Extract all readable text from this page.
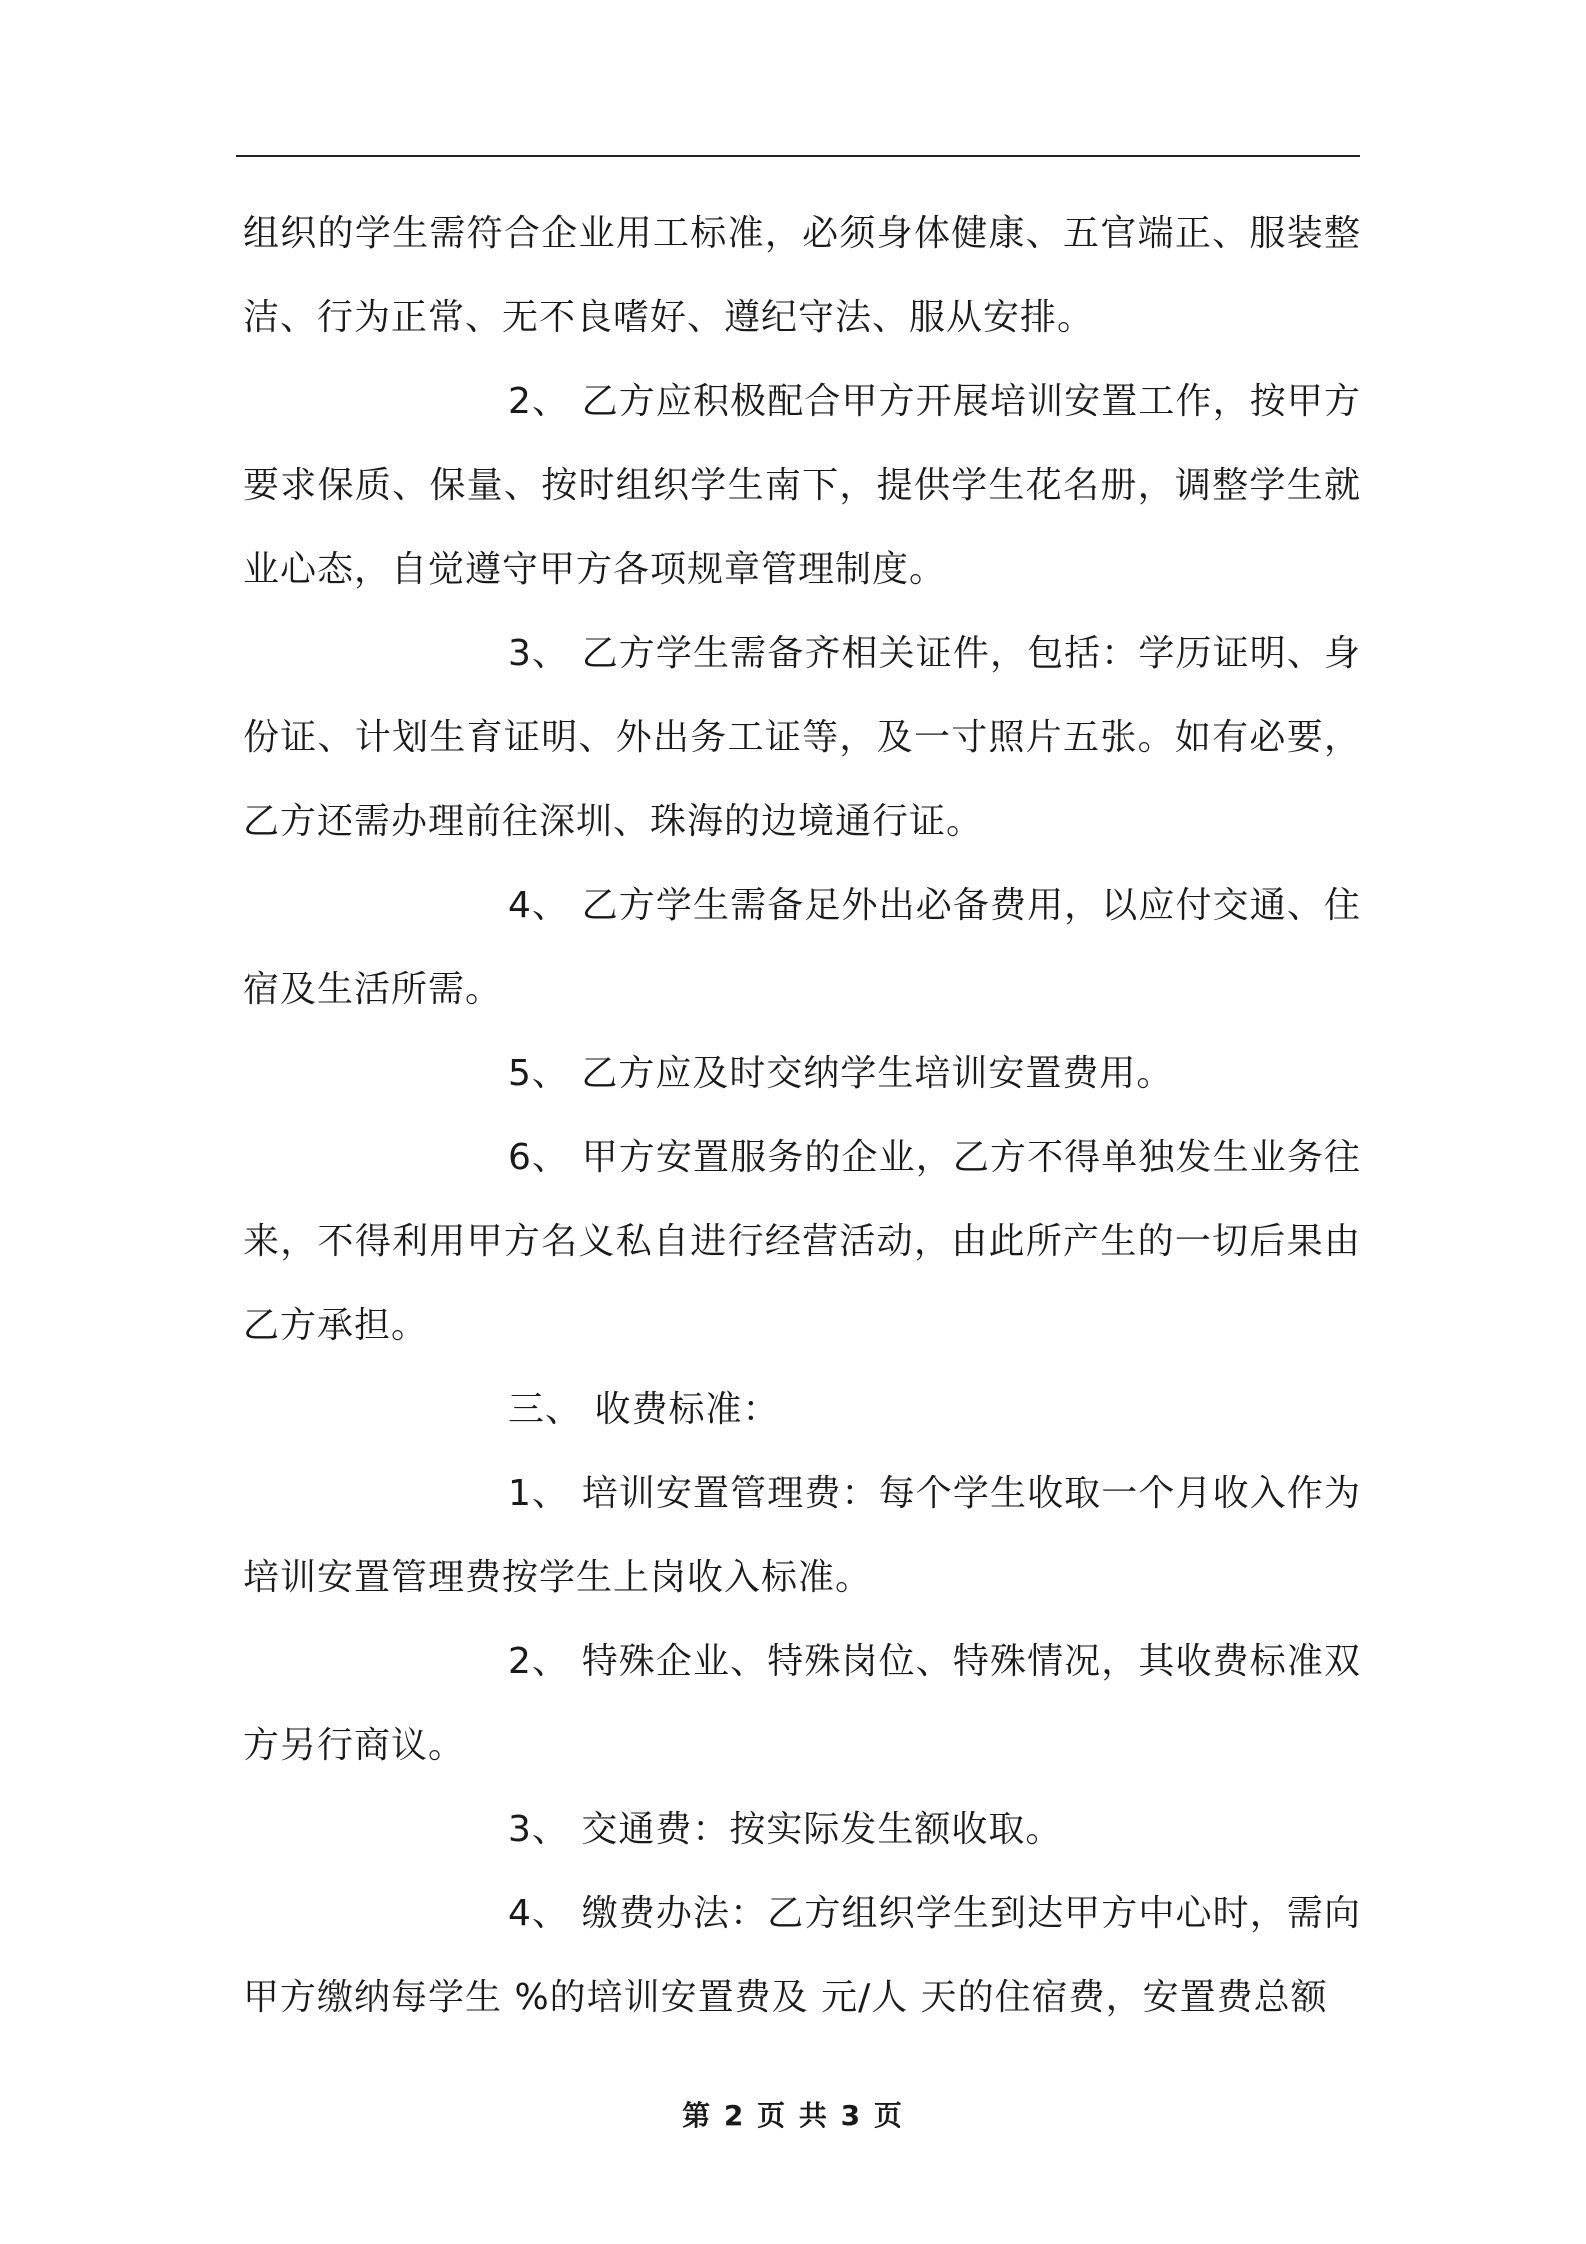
组织的学生需符合企业用工标准，必须身体健康、五官端正、服装整洁、行为正常、无不良嗜好、遵纪守法、服从安排。

2、 乙方应积极配合甲方开展培训安置工作，按甲方要求保质、保量、按时组织学生南下，提供学生花名册，调整学生就业心态，自觉遵守甲方各项规章管理制度。

3、 乙方学生需备齐相关证件，包括：学历证明、身份证、计划生育证明、外出务工证等，及一寸照片五张。如有必要，乙方还需办理前往深圳、珠海的边境通行证。

4、 乙方学生需备足外出必备费用，以应付交通、住宿及生活所需。

5、 乙方应及时交纳学生培训安置费用。

6、 甲方安置服务的企业，乙方不得单独发生业务往来，不得利用甲方名义私自进行经营活动，由此所产生的一切后果由乙方承担。

三、 收费标准：

1、 培训安置管理费：每个学生收取一个月收入作为培训安置管理费按学生上岗收入标准。

2、 特殊企业、特殊岗位、特殊情况，其收费标准双方另行商议。

3、 交通费：按实际发生额收取。

4、 缴费办法：乙方组织学生到达甲方中心时，需向甲方缴纳每学生 %的培训安置费及 元/人 天的住宿费，安置费总额

第 2 页 共 3 页
